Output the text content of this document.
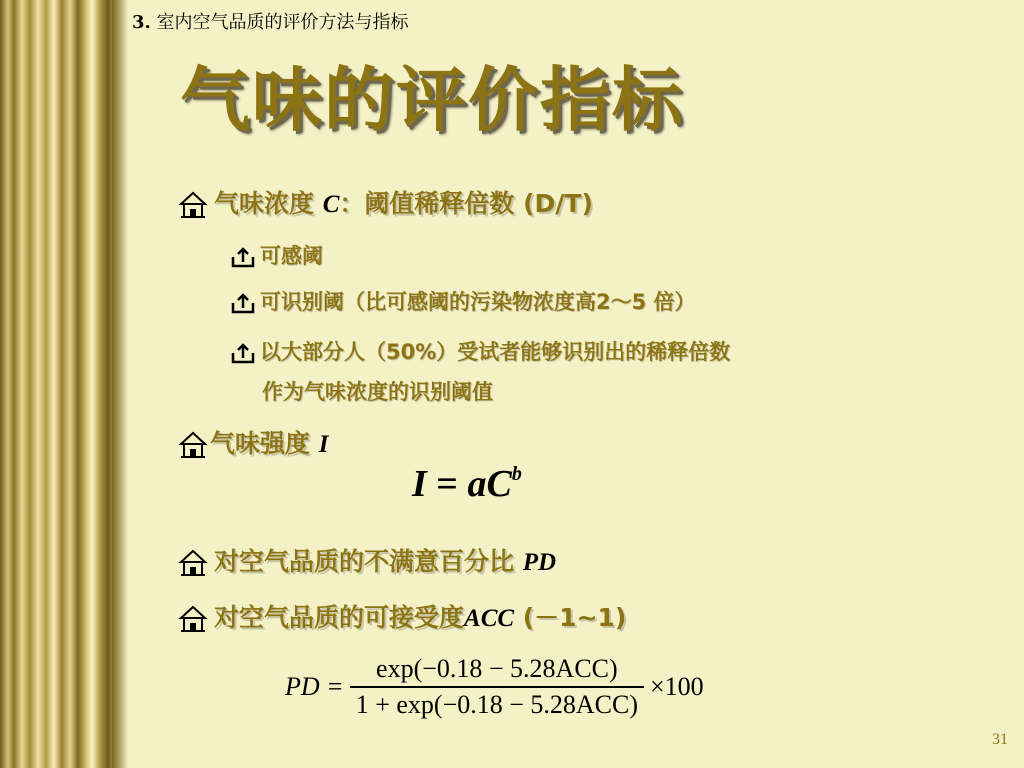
3. 室内空气品质的评价方法与指标
气味的评价指标
气味浓度 C：阈值稀释倍数 (D/T)
可感阈
可识别阈（比可感阈的污染物浓度高2～5 倍）
以大部分人（50%）受试者能够识别出的稀释倍数
作为气味浓度的识别阈值
气味强度 I
$I = aC^b$
对空气品质的不满意百分比 PD
对空气品质的可接受度ACC (－1~1)
PD = $\frac{\text{exp(−0.18 − 5.28ACC)}}{\text{1 + exp(−0.18 − 5.28ACC)}} \times 100$
31
